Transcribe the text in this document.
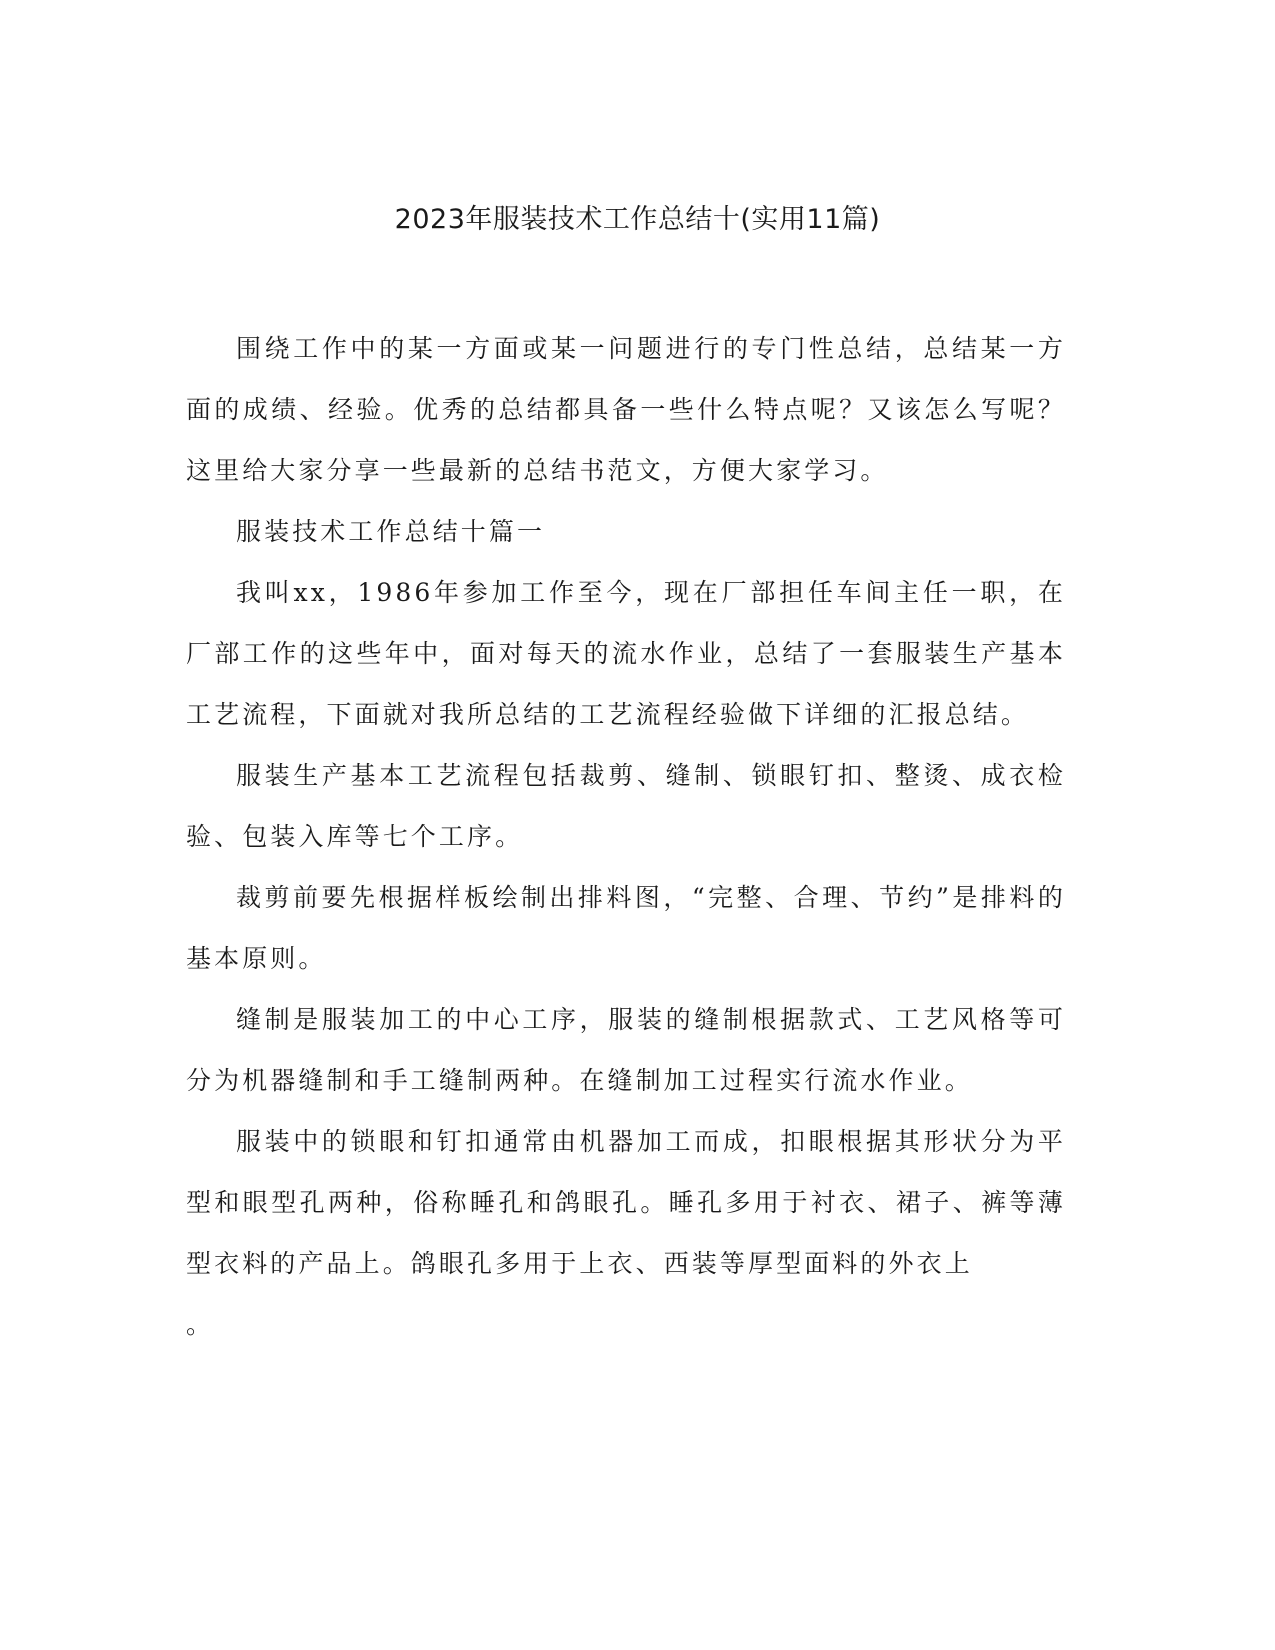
2023年服装技术工作总结十(实用11篇)

围绕工作中的某一方面或某一问题进行的专门性总结，总结某一方面的成绩、经验。优秀的总结都具备一些什么特点呢？又该怎么写呢？这里给大家分享一些最新的总结书范文，方便大家学习。

服装技术工作总结十篇一

我叫xx，1986年参加工作至今，现在厂部担任车间主任一职，在厂部工作的这些年中，面对每天的流水作业，总结了一套服装生产基本工艺流程，下面就对我所总结的工艺流程经验做下详细的汇报总结。

服装生产基本工艺流程包括裁剪、缝制、锁眼钉扣、整烫、成衣检验、包装入库等七个工序。

裁剪前要先根据样板绘制出排料图，“完整、合理、节约”是排料的基本原则。

缝制是服装加工的中心工序，服装的缝制根据款式、工艺风格等可分为机器缝制和手工缝制两种。在缝制加工过程实行流水作业。

服装中的锁眼和钉扣通常由机器加工而成，扣眼根据其形状分为平型和眼型孔两种，俗称睡孔和鸽眼孔。睡孔多用于衬衣、裙子、裤等薄型衣料的产品上。鸽眼孔多用于上衣、西装等厚型面料的外衣上

。
